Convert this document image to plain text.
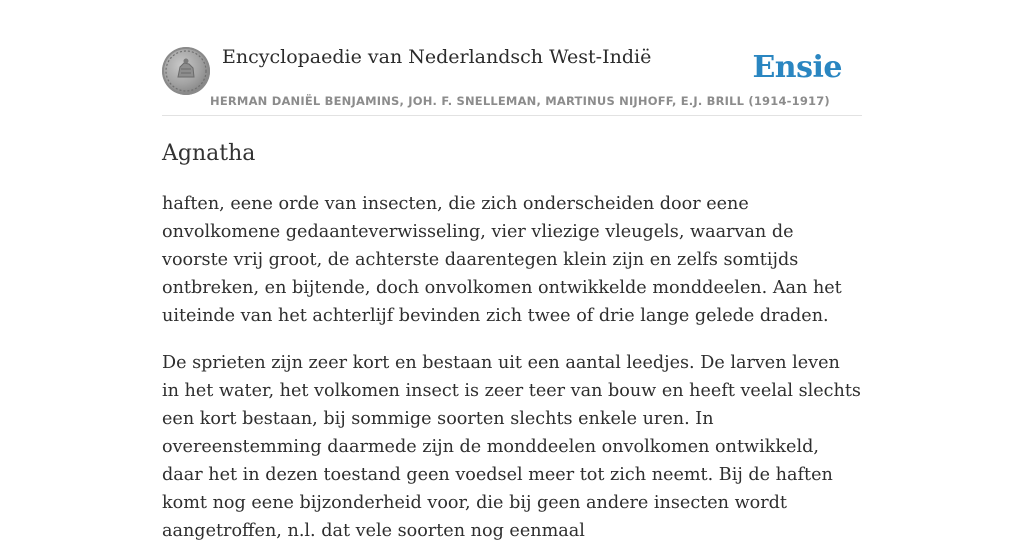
Encyclopaedie van Nederlandsch West-Indië	Ensie
HERMAN DANIËL BENJAMINS, JOH. F. SNELLEMAN, MARTINUS NIJHOFF, E.J. BRILL (1914-1917)
Agnatha

haften, eene orde van insecten, die zich onderscheiden door eene onvolkomene gedaanteverwisseling, vier vliezige vleugels, waarvan de voorste vrij groot, de achterste daarentegen klein zijn en zelfs somtijds ontbreken, en bijtende, doch onvolkomen ontwikkelde monddeelen. Aan het uiteinde van het achterlijf bevinden zich twee of drie lange gelede draden.

De sprieten zijn zeer kort en bestaan uit een aantal leedjes. De larven leven in het water, het volkomen insect is zeer teer van bouw en heeft veelal slechts een kort bestaan, bij sommige soorten slechts enkele uren. In overeenstemming daarmede zijn de monddeelen onvolkomen ontwikkeld, daar het in dezen toestand geen voedsel meer tot zich neemt. Bij de haften komt nog eene bijzonderheid voor, die bij geen andere insecten wordt aangetroffen, n.l. dat vele soorten nog eenmaal
